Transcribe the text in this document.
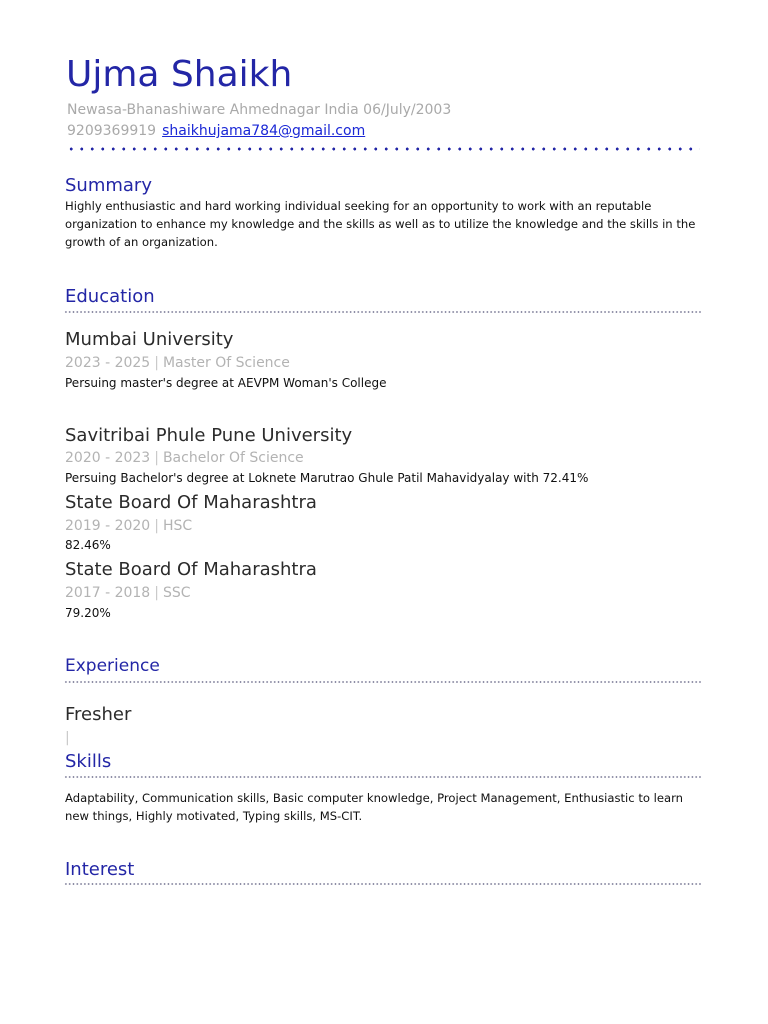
Ujma Shaikh
Newasa-Bhanashiware Ahmednagar India 06/July/2003
9209369919 shaikhujama784@gmail.com
Summary
Highly enthusiastic and hard working individual seeking for an opportunity to work with an reputable organization to enhance my knowledge and the skills as well as to utilize the knowledge and the skills in the growth of an organization.
Education
Mumbai University
2023 - 2025 | Master Of Science
Persuing master's degree at AEVPM Woman's College
Savitribai Phule Pune University
2020 - 2023 | Bachelor Of Science
Persuing Bachelor's degree at Loknete Marutrao Ghule Patil Mahavidyalay with 72.41%
State Board Of Maharashtra
2019 - 2020 | HSC
82.46%
State Board Of Maharashtra
2017 - 2018 | SSC
79.20%
Experience
Fresher
|
Skills
Adaptability, Communication skills, Basic computer knowledge, Project Management, Enthusiastic to learn new things, Highly motivated, Typing skills, MS-CIT.
Interest
